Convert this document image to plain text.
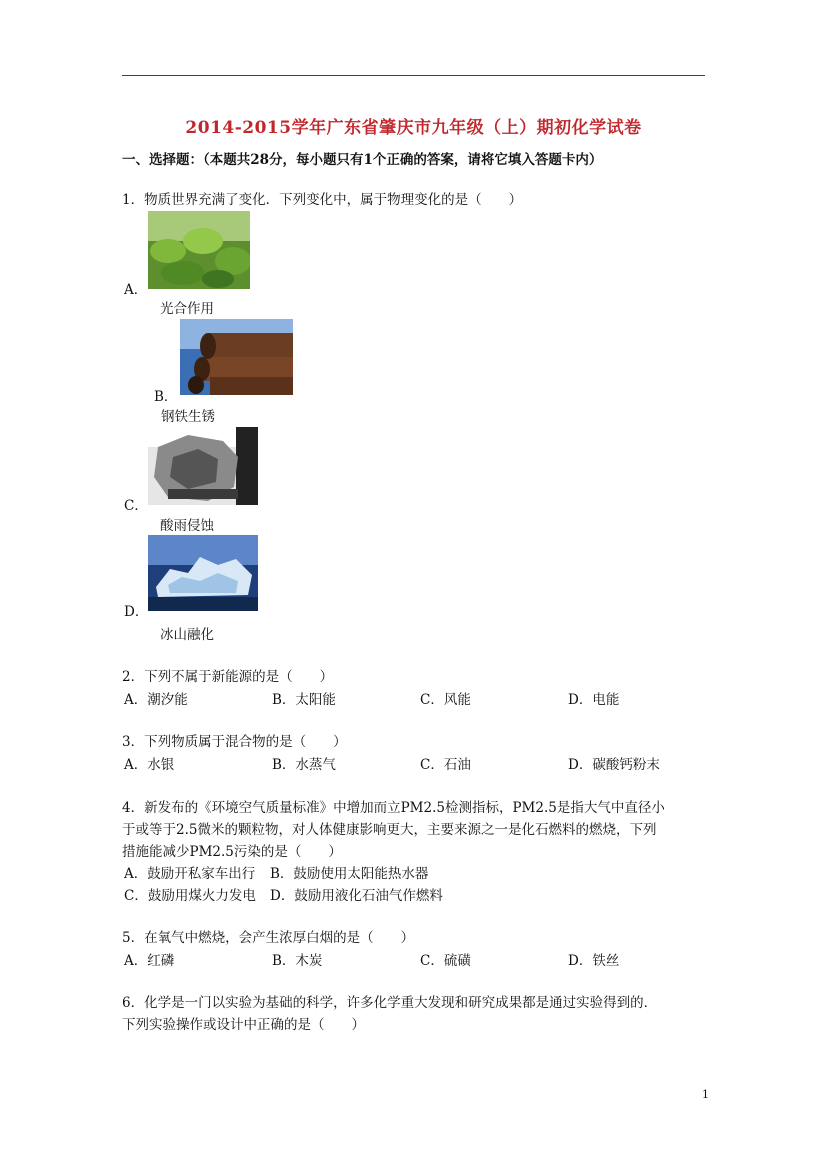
2014-2015学年广东省肇庆市九年级（上）期初化学试卷
一、选择题：（本题共28分，每小题只有1个正确的答案，请将它填入答题卡内）
1．物质世界充满了变化．下列变化中，属于物理变化的是（　　）
A．
光合作用
B．
钢铁生锈
C．
酸雨侵蚀
D．
冰山融化
2．下列不属于新能源的是（　　）
A．潮汐能	B．太阳能	C．风能	D．电能
3．下列物质属于混合物的是（　　）
A．水银	B．水蒸气	C．石油	D．碳酸钙粉末
4．新发布的《环境空气质量标准》中增加而立PM2.5检测指标，PM2.5是指大气中直径小
于或等于2.5微米的颗粒物，对人体健康影响更大，主要来源之一是化石燃料的燃烧，下列
措施能减少PM2.5污染的是（　　）
A．鼓励开私家车出行 B．鼓励使用太阳能热水器
C．鼓励用煤火力发电 D．鼓励用液化石油气作燃料
5．在氧气中燃烧，会产生浓厚白烟的是（　　）
A．红磷	B．木炭	C．硫磺	D．铁丝
6．化学是一门以实验为基础的科学，许多化学重大发现和研究成果都是通过实验得到的．
下列实验操作或设计中正确的是（　　）
1
